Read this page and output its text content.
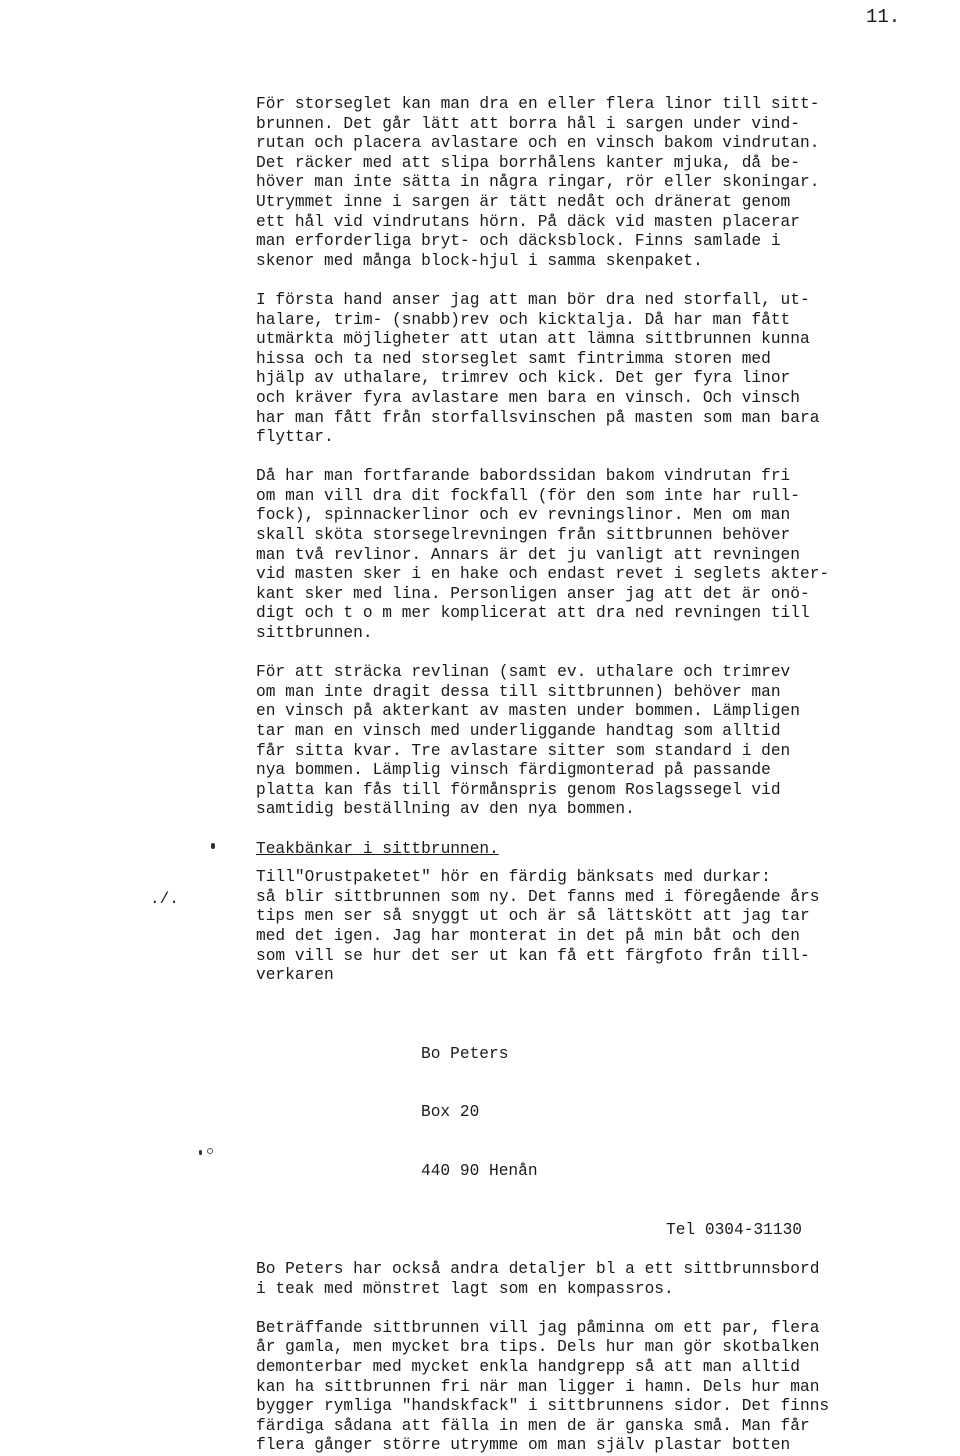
11.
./.

För storseglet kan man dra en eller flera linor till sitt-
brunnen. Det går lätt att borra hål i sargen under vind-
rutan och placera avlastare och en vinsch bakom vindrutan.
Det räcker med att slipa borrhålens kanter mjuka, då be-
höver man inte sätta in några ringar, rör eller skoningar.
Utrymmet inne i sargen är tätt nedåt och dränerat genom
ett hål vid vindrutans hörn. På däck vid masten placerar
man erforderliga bryt- och däcksblock. Finns samlade i
skenor med många block-hjul i samma skenpaket.

I första hand anser jag att man bör dra ned storfall, ut-
halare, trim- (snabb)rev och kicktalja. Då har man fått
utmärkta möjligheter att utan att lämna sittbrunnen kunna
hissa och ta ned storseglet samt fintrimma storen med
hjälp av uthalare, trimrev och kick. Det ger fyra linor
och kräver fyra avlastare men bara en vinsch. Och vinsch
har man fått från storfallsvinschen på masten som man bara
flyttar.

Då har man fortfarande babordssidan bakom vindrutan fri
om man vill dra dit fockfall (för den som inte har rull-
fock), spinnackerlinor och ev revningslinor. Men om man
skall sköta storsegelrevningen från sittbrunnen behöver
man två revlinor. Annars är det ju vanligt att revningen
vid masten sker i en hake och endast revet i seglets akter-
kant sker med lina. Personligen anser jag att det är onö-
digt och t o m mer komplicerat att dra ned revningen till
sittbrunnen.

För att sträcka revlinan (samt ev. uthalare och trimrev
om man inte dragit dessa till sittbrunnen) behöver man
en vinsch på akterkant av masten under bommen. Lämpligen
tar man en vinsch med underliggande handtag som alltid
får sitta kvar. Tre avlastare sitter som standard i den
nya bommen. Lämplig vinsch färdigmonterad på passande
platta kan fås till förmånspris genom Roslagssegel vid
samtidig beställning av den nya bommen.

Teakbänkar i sittbrunnen.

Till"Orustpaketet" hör en färdig bänksats med durkar:
så blir sittbrunnen som ny. Det fanns med i föregående års
tips men ser så snyggt ut och är så lättskött att jag tar
med det igen. Jag har monterat in det på min båt och den
som vill se hur det ser ut kan få ett färgfoto från till-
verkaren

Bo Peters

Box 20

440 90 Henån

Tel 0304-31130

Bo Peters har också andra detaljer bl a ett sittbrunnsbord
i teak med mönstret lagt som en kompassros.

Beträffande sittbrunnen vill jag påminna om ett par, flera
år gamla, men mycket bra tips. Dels hur man gör skotbalken
demonterbar med mycket enkla handgrepp så att man alltid
kan ha sittbrunnen fri när man ligger i hamn. Dels hur man
bygger rymliga "handskfack" i sittbrunnens sidor. Det finns
färdiga sådana att fälla in men de är ganska små. Man får
flera gånger större utrymme om man själv plastar botten
